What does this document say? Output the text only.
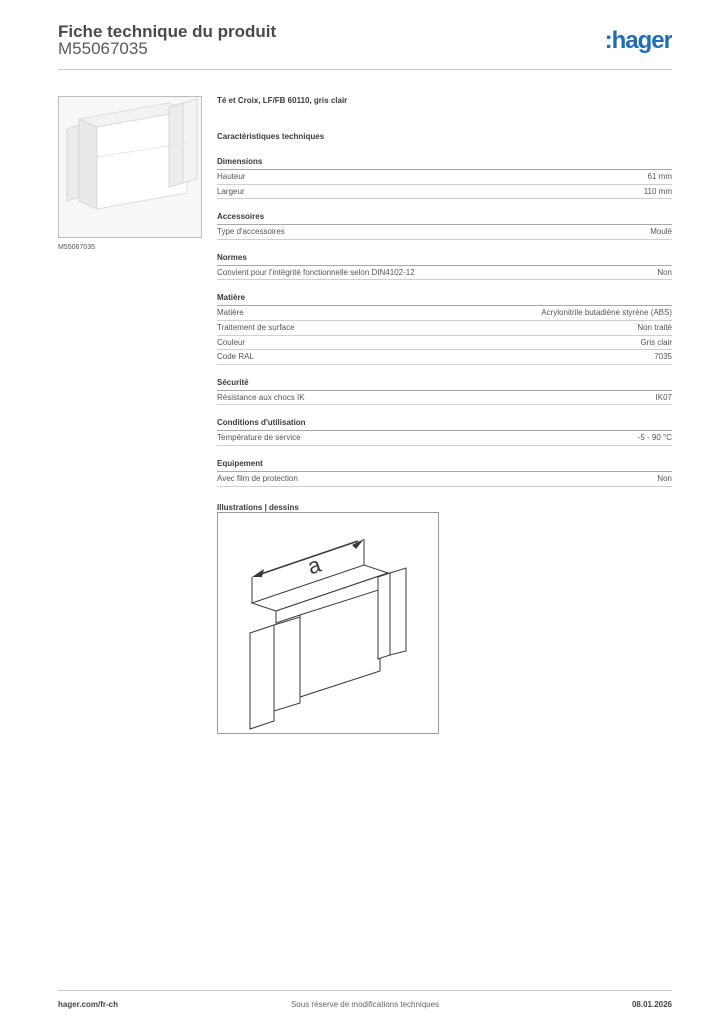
Fiche technique du produit
M55067035	:hager
M55067035
Té et Croix, LF/FB 60110, gris clair
Caractéristiques techniques
Dimensions
Hauteur	61 mm
Largeur	110 mm
Accessoires
Type d'accessoires	Moulé
Normes
Convient pour l'intégrité fonctionnelle selon DIN4102-12	Non
Matière
Matière	Acrylonitrile butadiène styrène (ABS)
Traitement de surface	Non traité
Couleur	Gris clair
Code RAL	7035
Sécurité
Résistance aux chocs IK	IK07
Conditions d'utilisation
Température de service	-5 - 90 °C
Equipement
Avec film de protection	Non
Illustrations | dessins
a
hager.com/fr-ch	Sous réserve de modifications techniques	08.01.2026
